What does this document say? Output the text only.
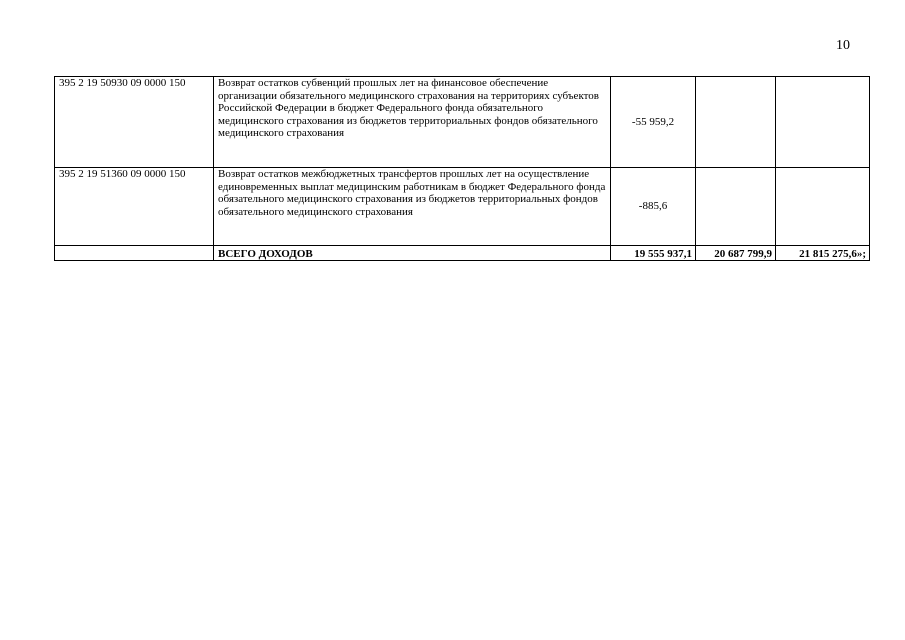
10
395 2 19 50930 09 0000 150	Возврат остатков субвенций прошлых лет на финансовое обеспечение организации обязательного медицинского страхования на территориях субъектов Российской Федерации в бюджет Федерального фонда обязательного медицинского страхования из бюджетов территориальных фондов обязательного медицинского страхования	-55 959,2		
395 2 19 51360 09 0000 150	Возврат остатков межбюджетных трансфертов прошлых лет на осуществление единовременных выплат медицинским работникам в бюджет Федерального фонда обязательного медицинского страхования из бюджетов территориальных фондов обязательного медицинского страхования	-885,6		
	ВСЕГО ДОХОДОВ	19 555 937,1	20 687 799,9	21 815 275,6»;
